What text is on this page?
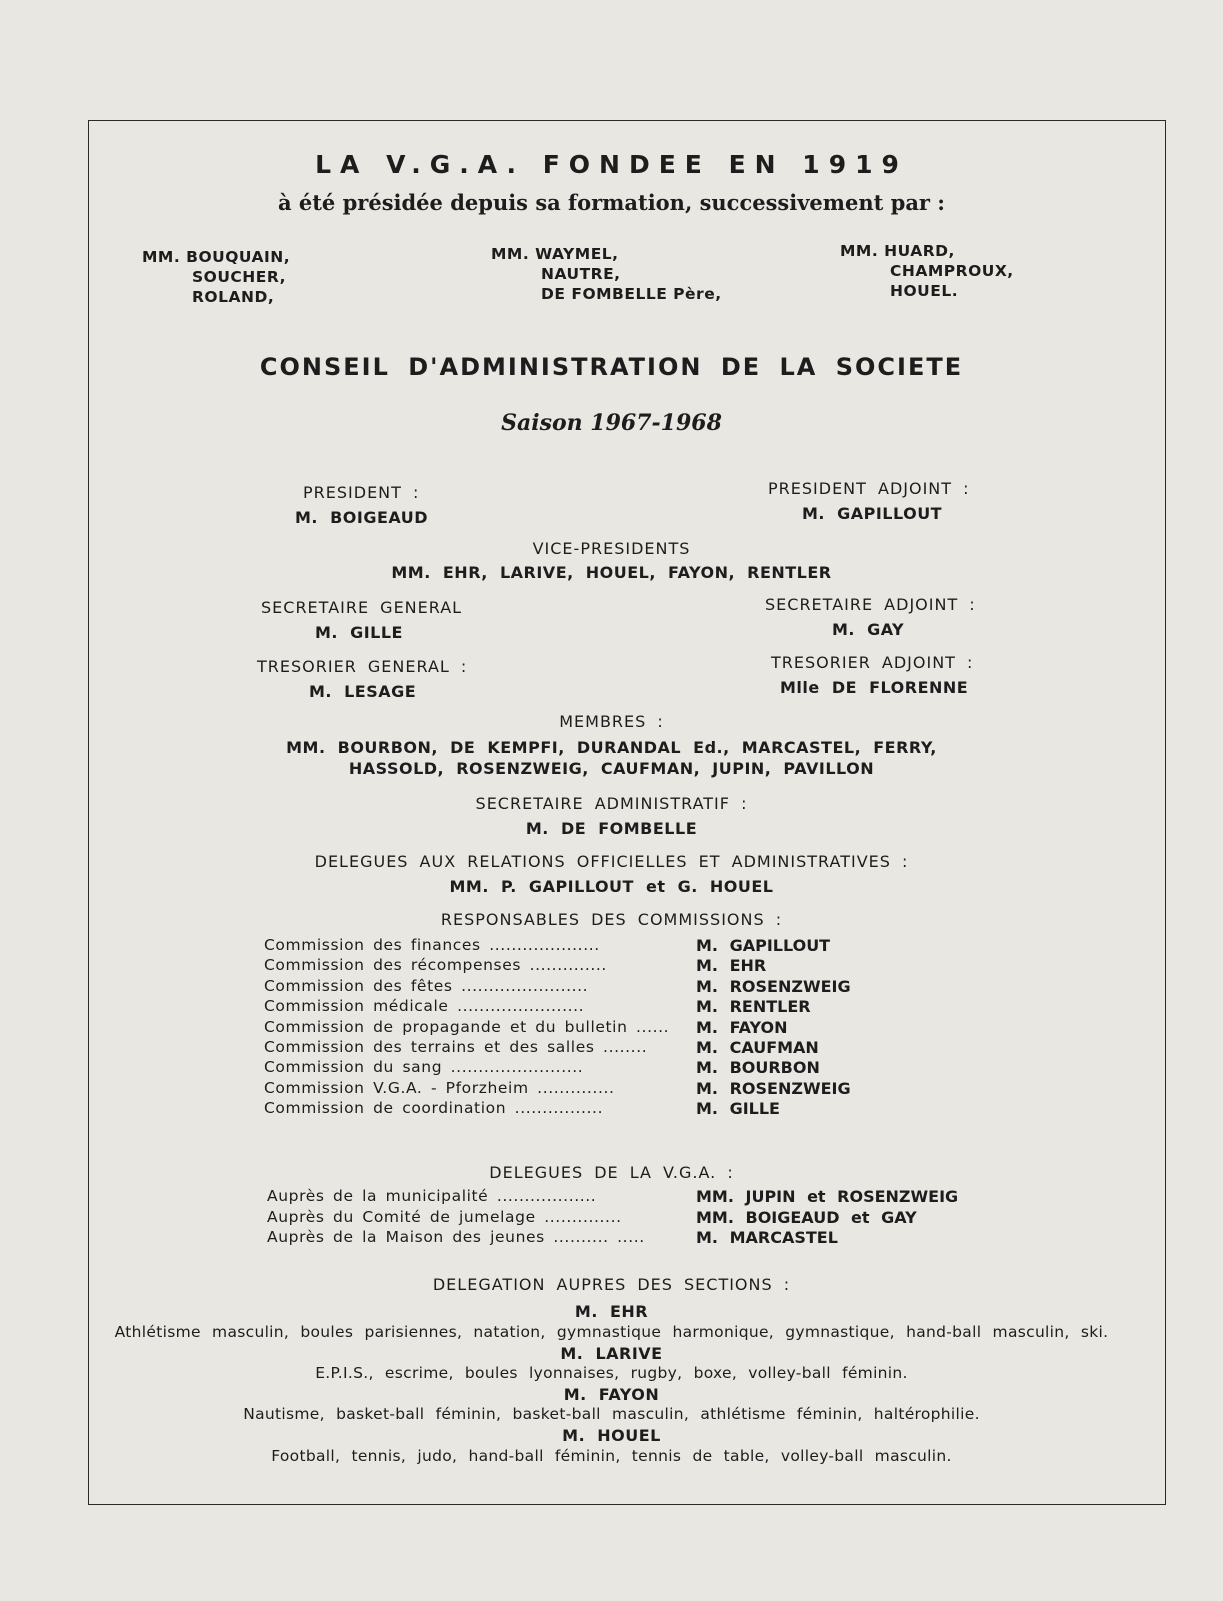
LA V.G.A. FONDEE EN 1919
à été présidée depuis sa formation, successivement par :
MM. BOUQUAIN,
SOUCHER,
ROLAND,
MM. WAYMEL,
NAUTRE,
DE FOMBELLE Père,
MM. HUARD,
CHAMPROUX,
HOUEL.
CONSEIL D'ADMINISTRATION DE LA SOCIETE
Saison 1967-1968
PRESIDENT :
M. BOIGEAUD
PRESIDENT ADJOINT :
M. GAPILLOUT
VICE-PRESIDENTS
MM. EHR, LARIVE, HOUEL, FAYON, RENTLER
SECRETAIRE GENERAL
M. GILLE
SECRETAIRE ADJOINT :
M. GAY
TRESORIER GENERAL :
M. LESAGE
TRESORIER ADJOINT :
Mlle DE FLORENNE
MEMBRES :
MM. BOURBON, DE KEMPFI, DURANDAL Ed., MARCASTEL, FERRY,
HASSOLD, ROSENZWEIG, CAUFMAN, JUPIN, PAVILLON
SECRETAIRE ADMINISTRATIF :
M. DE FOMBELLE
DELEGUES AUX RELATIONS OFFICIELLES ET ADMINISTRATIVES :
MM. P. GAPILLOUT et G. HOUEL
RESPONSABLES DES COMMISSIONS :
Commission des finances ....................	M. GAPILLOUT
Commission des récompenses ..............	M. EHR
Commission des fêtes .......................	M. ROSENZWEIG
Commission médicale .......................	M. RENTLER
Commission de propagande et du bulletin ...... M. FAYON
Commission des terrains et des salles ........	M. CAUFMAN
Commission du sang ........................	M. BOURBON
Commission V.G.A. - Pforzheim ..............	M. ROSENZWEIG
Commission de coordination ................	M. GILLE
DELEGUES DE LA V.G.A. :
Auprès de la municipalité ..................	MM. JUPIN et ROSENZWEIG
Auprès du Comité de jumelage ..............	MM. BOIGEAUD et GAY
Auprès de la Maison des jeunes .......... .....	M. MARCASTEL
DELEGATION AUPRES DES SECTIONS :
M. EHR
Athlétisme masculin, boules parisiennes, natation, gymnastique harmonique, gymnastique, hand-ball masculin, ski.
M. LARIVE
E.P.I.S., escrime, boules lyonnaises, rugby, boxe, volley-ball féminin.
M. FAYON
Nautisme, basket-ball féminin, basket-ball masculin, athlétisme féminin, haltérophilie.
M. HOUEL
Football, tennis, judo, hand-ball féminin, tennis de table, volley-ball masculin.
